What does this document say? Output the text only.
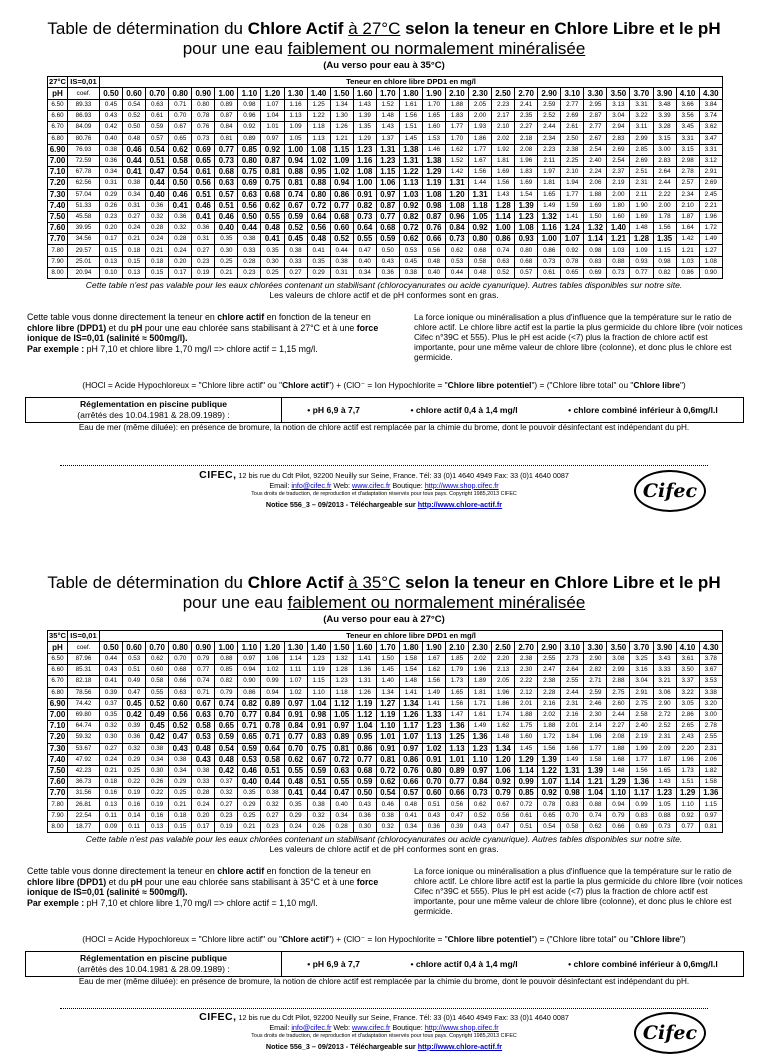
Table de détermination du Chlore Actif à 27°C selon la teneur en Chlore Libre et le pH
pour une eau faiblement ou normalement minéralisée
(Au verso pour eau à 35°C)
27°C	IS=0,01	Teneur en chlore libre DPD1 en mg/l																										
pH	coef.	0.50	0.60	0.70	0.80	0.90	1.00	1.10	1.20	1.30	1.40	1.50	1.60	1.70	1.80	1.90	2.10	2.30	2.50	2.70	2.90	3.10	3.30	3.50	3.70	3.90	4.10	4.30
6.50	89.33	0.45	0.54	0.63	0.71	0.80	0.89	0.98	1.07	1.16	1.25	1.34	1.43	1.52	1.61	1.70	1.88	2.05	2.23	2.41	2.59	2.77	2.95	3.13	3.31	3.48	3.66	3.84
6.60	86.93	0.43	0.52	0.61	0.70	0.78	0.87	0.96	1.04	1.13	1.22	1.30	1.39	1.48	1.56	1.65	1.83	2.00	2.17	2.35	2.52	2.69	2.87	3.04	3.22	3.39	3.56	3.74
6.70	84.09	0.42	0.50	0.59	0.67	0.76	0.84	0.92	1.01	1.09	1.18	1.26	1.35	1.43	1.51	1.60	1.77	1.93	2.10	2.27	2.44	2.61	2.77	2.94	3.11	3.28	3.45	3.62
6.80	80.76	0.40	0.48	0.57	0.65	0.73	0.81	0.89	0.97	1.05	1.13	1.21	1.29	1.37	1.45	1.53	1.70	1.86	2.02	2.18	2.34	2.50	2.67	2.83	2.99	3.15	3.31	3.47
6.90	76.93	0.38	0.46	0.54	0.62	0.69	0.77	0.85	0.92	1.00	1.08	1.15	1.23	1.31	1.38	1.46	1.62	1.77	1.92	2.08	2.23	2.38	2.54	2.69	2.85	3.00	3.15	3.31
7.00	72.59	0.36	0.44	0.51	0.58	0.65	0.73	0.80	0.87	0.94	1.02	1.09	1.16	1.23	1.31	1.38	1.52	1.67	1.81	1.96	2.11	2.25	2.40	2.54	2.69	2.83	2.98	3.12
7.10	67.78	0.34	0.41	0.47	0.54	0.61	0.68	0.75	0.81	0.88	0.95	1.02	1.08	1.15	1.22	1.29	1.42	1.56	1.69	1.83	1.97	2.10	2.24	2.37	2.51	2.64	2.78	2.91
7.20	62.56	0.31	0.38	0.44	0.50	0.56	0.63	0.69	0.75	0.81	0.88	0.94	1.00	1.06	1.13	1.19	1.31	1.44	1.56	1.69	1.81	1.94	2.06	2.19	2.31	2.44	2.57	2.69
7.30	57.04	0.29	0.34	0.40	0.46	0.51	0.57	0.63	0.68	0.74	0.80	0.86	0.91	0.97	1.03	1.08	1.20	1.31	1.43	1.54	1.65	1.77	1.88	2.00	2.11	2.22	2.34	2.45
7.40	51.33	0.26	0.31	0.36	0.41	0.46	0.51	0.56	0.62	0.67	0.72	0.77	0.82	0.87	0.92	0.98	1.08	1.18	1.28	1.39	1.49	1.59	1.69	1.80	1.90	2.00	2.10	2.21
7.50	45.58	0.23	0.27	0.32	0.36	0.41	0.46	0.50	0.55	0.59	0.64	0.68	0.73	0.77	0.82	0.87	0.96	1.05	1.14	1.23	1.32	1.41	1.50	1.60	1.69	1.78	1.87	1.96
7.60	39.95	0.20	0.24	0.28	0.32	0.36	0.40	0.44	0.48	0.52	0.56	0.60	0.64	0.68	0.72	0.76	0.84	0.92	1.00	1.08	1.16	1.24	1.32	1.40	1.48	1.56	1.64	1.72
7.70	34.56	0.17	0.21	0.24	0.28	0.31	0.35	0.38	0.41	0.45	0.48	0.52	0.55	0.59	0.62	0.66	0.73	0.80	0.86	0.93	1.00	1.07	1.14	1.21	1.28	1.35	1.42	1.49
7.80	29.57	0.15	0.18	0.21	0.24	0.27	0.30	0.33	0.35	0.38	0.41	0.44	0.47	0.50	0.53	0.56	0.62	0.68	0.74	0.80	0.86	0.92	0.98	1.03	1.09	1.15	1.21	1.27
7.90	25.01	0.13	0.15	0.18	0.20	0.23	0.25	0.28	0.30	0.33	0.35	0.38	0.40	0.43	0.45	0.48	0.53	0.58	0.63	0.68	0.73	0.78	0.83	0.88	0.93	0.98	1.03	1.08
8.00	20.94	0.10	0.13	0.15	0.17	0.19	0.21	0.23	0.25	0.27	0.29	0.31	0.34	0.36	0.38	0.40	0.44	0.48	0.52	0.57	0.61	0.65	0.69	0.73	0.77	0.82	0.86	0.90
Cette table n'est pas valable pour les eaux chlorées contenant un stabilisant (chlorocyanurates ou acide cyanurique). Autres tables disponibles sur notre site.
Les valeurs de chlore actif et de pH conformes sont en gras.
Cette table vous donne directement la teneur en chlore actif en fonction de la teneur en chlore libre (DPD1) et du pH pour une eau chlorée sans stabilisant à 27°C et à une force ionique de IS=0,01 (salinité ≈ 500mg/l).
Par exemple : pH 7,10 et chlore libre 1,70 mg/l => chlore actif = 1,15 mg/l.
La force ionique ou minéralisation a plus d'influence que la température sur le ratio de chlore actif. Le chlore libre actif est la partie la plus germicide du chlore libre (voir notices Cifec n°39C et 555). Plus le pH est acide (<7) plus la fraction de chlore actif est importante, pour une même valeur de chlore libre (colonne), et donc plus le chlore est germicide.
(HOCl = Acide Hypochloreux = "Chlore libre actif" ou "Chlore actif") + (ClO⁻ = Ion Hypochlorite = "Chlore libre potentiel") = ("Chlore libre total" ou "Chlore libre")
Réglementation en piscine publique
(arrêtés des 10.04.1981 & 28.09.1989) :	• pH 6,9 à 7,7	• chlore actif 0,4 à 1,4 mg/l	• chlore combiné inférieur à 0,6mg/l.l
Eau de mer (même diluée): en présence de bromure, la notion de chlore actif est remplacée par la chimie du brome, dont le pouvoir désinfectant est indépendant du pH.
CIFEC, 12 bis rue du Cdt Pilot, 92200 Neuilly sur Seine, France. Tél: 33 (0)1 4640 4949 Fax: 33 (0)1 4640 0087
Email: info@cifec.fr Web: www.cifec.fr Boutique: http://www.shop.cifec.fr
Tous droits de traduction, de reproduction et d'adaptation réservés pour tous pays. Copyright 1985,2013 CIFEC
Notice 556_3 – 09/2013 - Téléchargeable sur http://www.chlore-actif.fr
Cifec
Table de détermination du Chlore Actif à 35°C selon la teneur en Chlore Libre et le pH
pour une eau faiblement ou normalement minéralisée
(Au verso pour eau à 27°C)
35°C	IS=0,01	Teneur en chlore libre DPD1 en mg/l																										
pH	coef.	0.50	0.60	0.70	0.80	0.90	1.00	1.10	1.20	1.30	1.40	1.50	1.60	1.70	1.80	1.90	2.10	2.30	2.50	2.70	2.90	3.10	3.30	3.50	3.70	3.90	4.10	4.30
6.50	87.96	0.44	0.53	0.62	0.70	0.79	0.88	0.97	1.06	1.14	1.23	1.32	1.41	1.50	1.58	1.67	1.85	2.02	2.20	2.38	2.55	2.73	2.90	3.08	3.25	3.43	3.61	3.78
6.60	85.31	0.43	0.51	0.60	0.68	0.77	0.85	0.94	1.02	1.11	1.19	1.28	1.36	1.45	1.54	1.62	1.79	1.96	2.13	2.30	2.47	2.64	2.82	2.99	3.16	3.33	3.50	3.67
6.70	82.18	0.41	0.49	0.58	0.66	0.74	0.82	0.90	0.99	1.07	1.15	1.23	1.31	1.40	1.48	1.56	1.73	1.89	2.05	2.22	2.38	2.55	2.71	2.88	3.04	3.21	3.37	3.53
6.80	78.56	0.39	0.47	0.55	0.63	0.71	0.79	0.86	0.94	1.02	1.10	1.18	1.26	1.34	1.41	1.49	1.65	1.81	1.96	2.12	2.28	2.44	2.59	2.75	2.91	3.06	3.22	3.38
6.90	74.42	0.37	0.45	0.52	0.60	0.67	0.74	0.82	0.89	0.97	1.04	1.12	1.19	1.27	1.34	1.41	1.56	1.71	1.86	2.01	2.16	2.31	2.46	2.60	2.75	2.90	3.05	3.20
7.00	69.80	0.35	0.42	0.49	0.56	0.63	0.70	0.77	0.84	0.91	0.98	1.05	1.12	1.19	1.26	1.33	1.47	1.61	1.74	1.88	2.02	2.16	2.30	2.44	2.58	2.72	2.86	3.00
7.10	64.74	0.32	0.39	0.45	0.52	0.58	0.65	0.71	0.78	0.84	0.91	0.97	1.04	1.10	1.17	1.23	1.36	1.49	1.62	1.75	1.88	2.01	2.14	2.27	2.40	2.52	2.65	2.78
7.20	59.32	0.30	0.36	0.42	0.47	0.53	0.59	0.65	0.71	0.77	0.83	0.89	0.95	1.01	1.07	1.13	1.25	1.36	1.48	1.60	1.72	1.84	1.96	2.08	2.19	2.31	2.43	2.55
7.30	53.67	0.27	0.32	0.38	0.43	0.48	0.54	0.59	0.64	0.70	0.75	0.81	0.86	0.91	0.97	1.02	1.13	1.23	1.34	1.45	1.56	1.66	1.77	1.88	1.99	2.09	2.20	2.31
7.40	47.92	0.24	0.29	0.34	0.38	0.43	0.48	0.53	0.58	0.62	0.67	0.72	0.77	0.81	0.86	0.91	1.01	1.10	1.20	1.29	1.39	1.49	1.58	1.68	1.77	1.87	1.96	2.06
7.50	42.23	0.21	0.25	0.30	0.34	0.38	0.42	0.46	0.51	0.55	0.59	0.63	0.68	0.72	0.76	0.80	0.89	0.97	1.06	1.14	1.22	1.31	1.39	1.48	1.56	1.65	1.73	1.82
7.60	36.73	0.18	0.22	0.26	0.29	0.33	0.37	0.40	0.44	0.48	0.51	0.55	0.59	0.62	0.66	0.70	0.77	0.84	0.92	0.99	1.07	1.14	1.21	1.29	1.36	1.43	1.51	1.58
7.70	31.56	0.16	0.19	0.22	0.25	0.28	0.32	0.35	0.38	0.41	0.44	0.47	0.50	0.54	0.57	0.60	0.66	0.73	0.79	0.85	0.92	0.98	1.04	1.10	1.17	1.23	1.29	1.36
7.80	26.81	0.13	0.16	0.19	0.21	0.24	0.27	0.29	0.32	0.35	0.38	0.40	0.43	0.46	0.48	0.51	0.56	0.62	0.67	0.72	0.78	0.83	0.88	0.94	0.99	1.05	1.10	1.15
7.90	22.54	0.11	0.14	0.16	0.18	0.20	0.23	0.25	0.27	0.29	0.32	0.34	0.36	0.38	0.41	0.43	0.47	0.52	0.56	0.61	0.65	0.70	0.74	0.79	0.83	0.88	0.92	0.97
8.00	18.77	0.09	0.11	0.13	0.15	0.17	0.19	0.21	0.23	0.24	0.26	0.28	0.30	0.32	0.34	0.36	0.39	0.43	0.47	0.51	0.54	0.58	0.62	0.66	0.69	0.73	0.77	0.81
Cette table n'est pas valable pour les eaux chlorées contenant un stabilisant (chlorocyanurates ou acide cyanurique). Autres tables disponibles sur notre site.
Les valeurs de chlore actif et de pH conformes sont en gras.
Cette table vous donne directement la teneur en chlore actif en fonction de la teneur en chlore libre (DPD1) et du pH pour une eau chlorée sans stabilisant à 35°C et à une force ionique de IS=0,01 (salinité ≈ 500mg/l).
Par exemple : pH 7,10 et chlore libre 1,70 mg/l => chlore actif = 1,10 mg/l.
La force ionique ou minéralisation a plus d'influence que la température sur le ratio de chlore actif. Le chlore libre actif est la partie la plus germicide du chlore libre (voir notices Cifec n°39C et 555). Plus le pH est acide (<7) plus la fraction de chlore actif est importante, pour une même valeur de chlore libre (colonne), et donc plus le chlore est germicide.
(HOCl = Acide Hypochloreux = "Chlore libre actif" ou "Chlore actif") + (ClO⁻ = Ion Hypochlorite = "Chlore libre potentiel") = ("Chlore libre total" ou "Chlore libre")
Réglementation en piscine publique
(arrêtés des 10.04.1981 & 28.09.1989) :	• pH 6,9 à 7,7	• chlore actif 0,4 à 1,4 mg/l	• chlore combiné inférieur à 0,6mg/l.l
Eau de mer (même diluée): en présence de bromure, la notion de chlore actif est remplacée par la chimie du brome, dont le pouvoir désinfectant est indépendant du pH.
CIFEC, 12 bis rue du Cdt Pilot, 92200 Neuilly sur Seine, France. Tél: 33 (0)1 4640 4949 Fax: 33 (0)1 4640 0087
Email: info@cifec.fr Web: www.cifec.fr Boutique: http://www.shop.cifec.fr
Tous droits de traduction, de reproduction et d'adaptation réservés pour tous pays. Copyright 1985,2013 CIFEC
Notice 556_3 – 09/2013 - Téléchargeable sur http://www.chlore-actif.fr
Cifec
